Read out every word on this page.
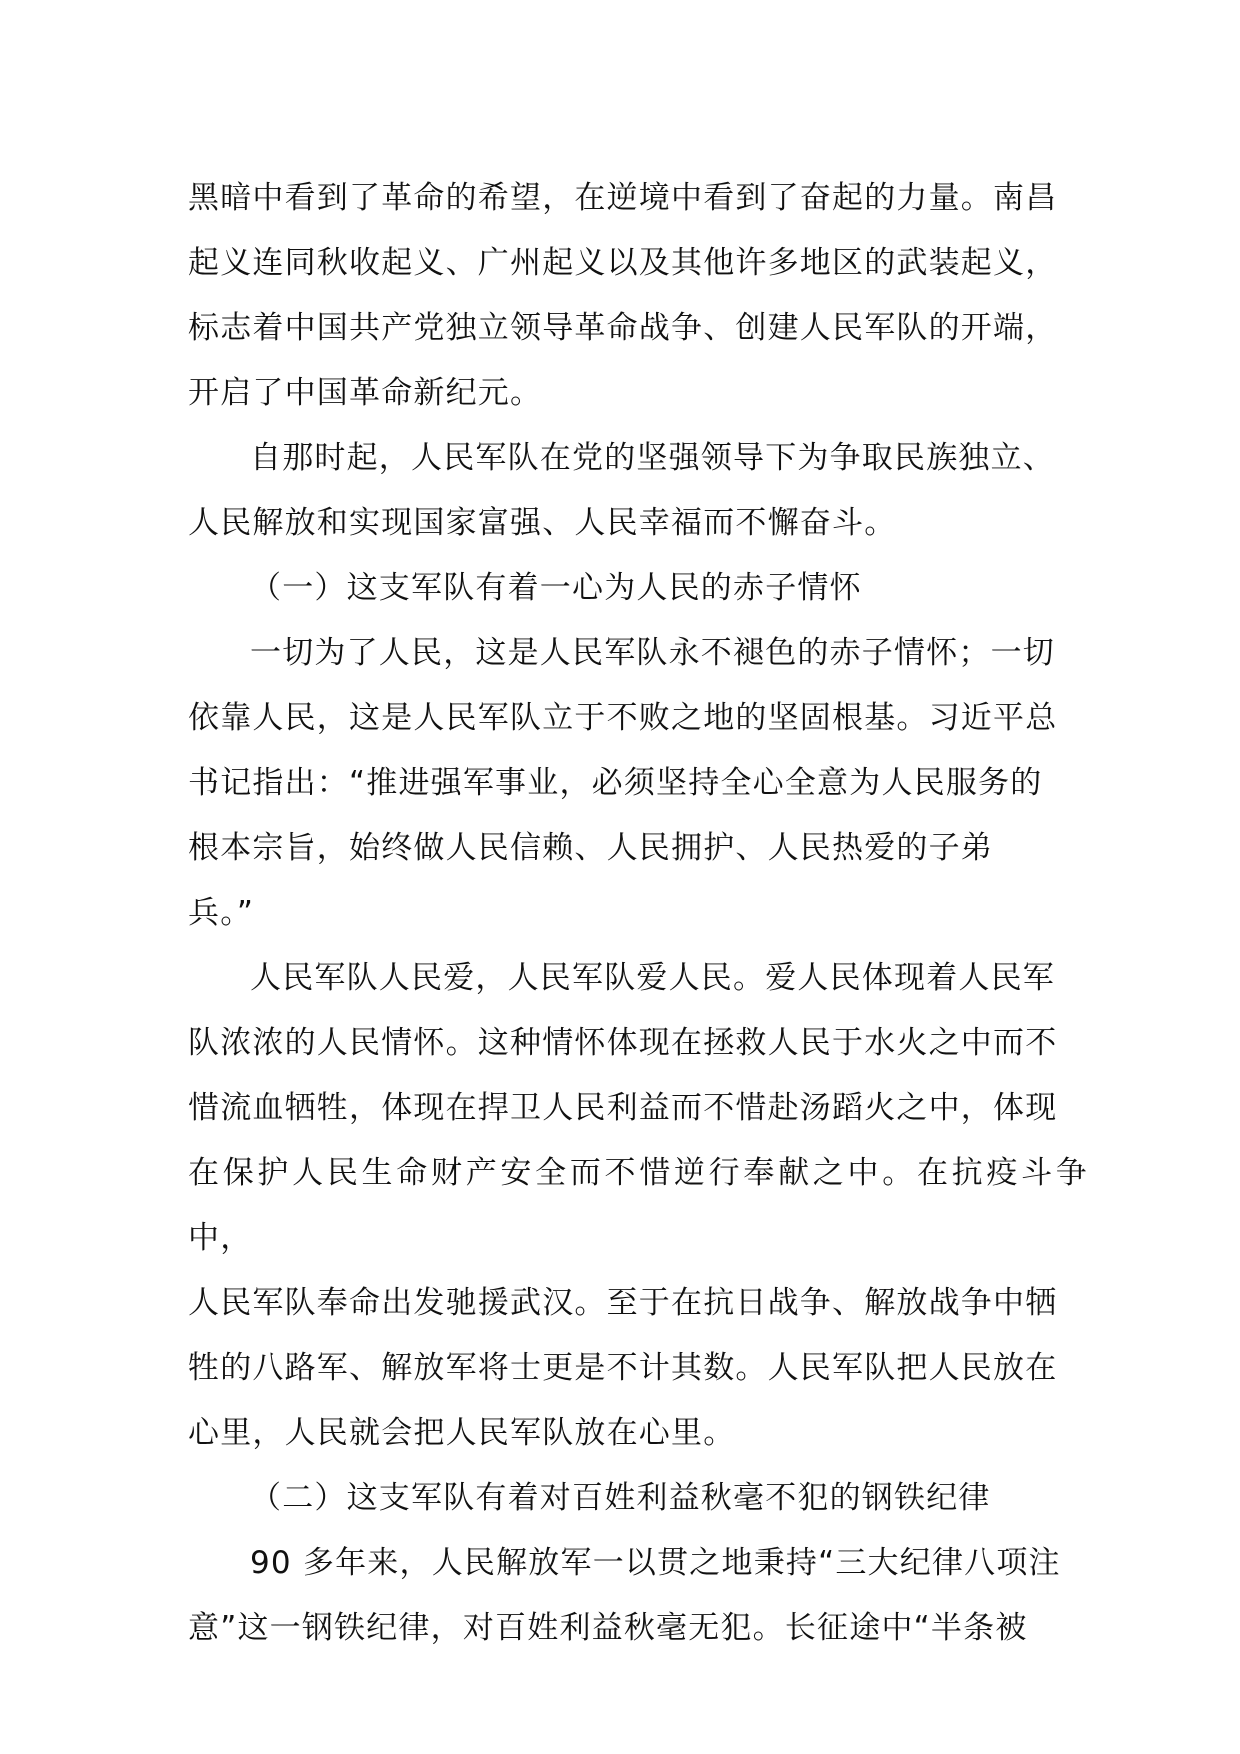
黑暗中看到了革命的希望，在逆境中看到了奋起的力量。南昌
起义连同秋收起义、广州起义以及其他许多地区的武装起义，
标志着中国共产党独立领导革命战争、创建人民军队的开端，
开启了中国革命新纪元。

自那时起，人民军队在党的坚强领导下为争取民族独立、
人民解放和实现国家富强、人民幸福而不懈奋斗。

（一）这支军队有着一心为人民的赤子情怀

一切为了人民，这是人民军队永不褪色的赤子情怀；一切
依靠人民，这是人民军队立于不败之地的坚固根基。习近平总
书记指出：“推进强军事业，必须坚持全心全意为人民服务的
根本宗旨，始终做人民信赖、人民拥护、人民热爱的子弟
兵。”

人民军队人民爱，人民军队爱人民。爱人民体现着人民军
队浓浓的人民情怀。这种情怀体现在拯救人民于水火之中而不
惜流血牺牲，体现在捍卫人民利益而不惜赴汤蹈火之中，体现
在保护人民生命财产安全而不惜逆行奉献之中。在抗疫斗争中，
人民军队奉命出发驰援武汉。至于在抗日战争、解放战争中牺
牲的八路军、解放军将士更是不计其数。人民军队把人民放在
心里，人民就会把人民军队放在心里。

（二）这支军队有着对百姓利益秋毫不犯的钢铁纪律

90 多年来，人民解放军一以贯之地秉持“三大纪律八项注
意”这一钢铁纪律，对百姓利益秋毫无犯。长征途中“半条被
